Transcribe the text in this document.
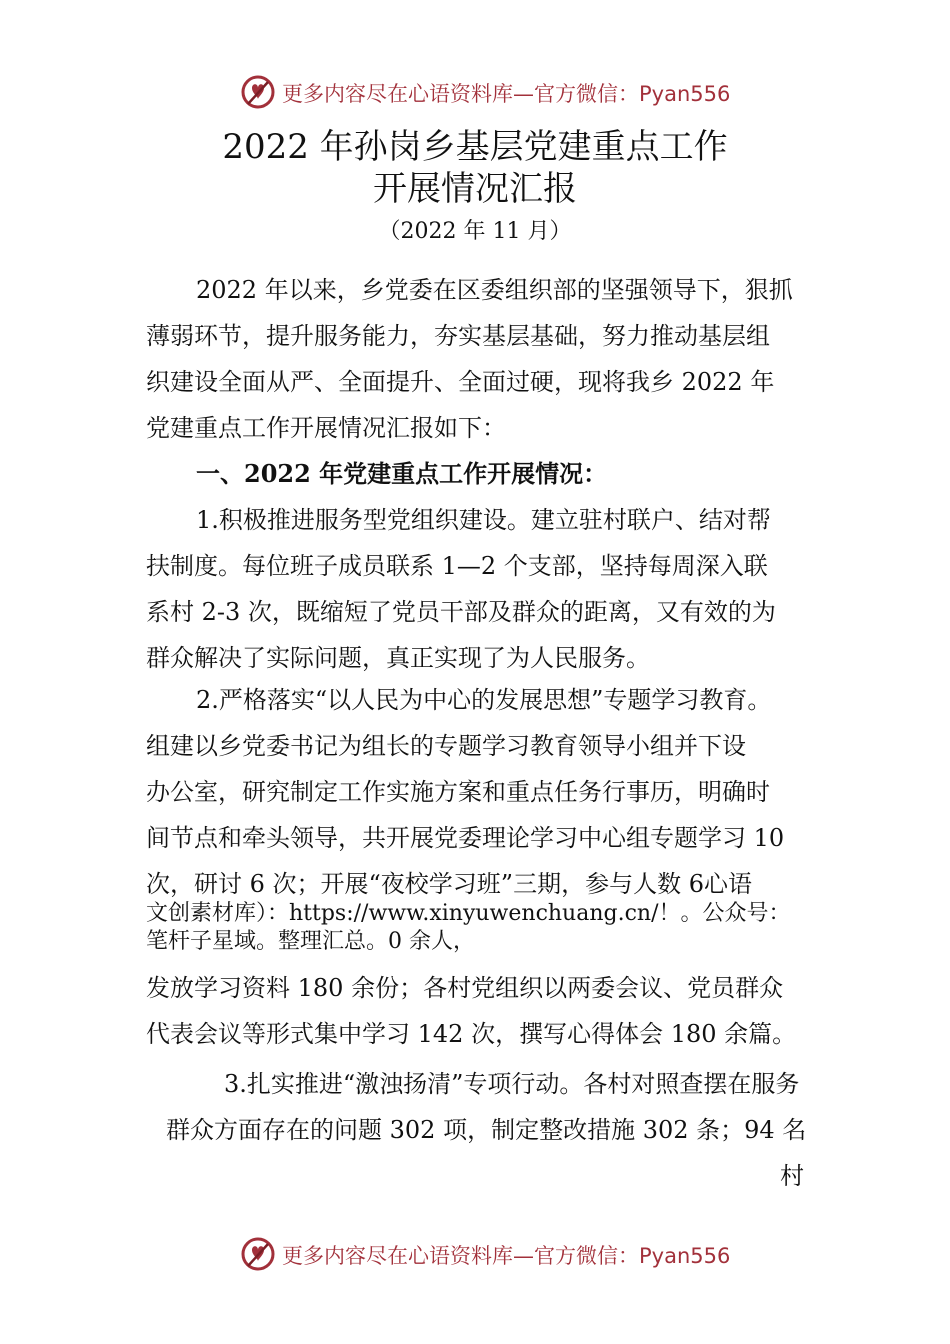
更多内容尽在心语资料库—官方微信：Pyan556
2022 年孙岗乡基层党建重点工作
开展情况汇报
（2022 年 11 月）
2022 年以来，乡党委在区委组织部的坚强领导下，狠抓
薄弱环节，提升服务能力，夯实基层基础，努力推动基层组
织建设全面从严、全面提升、全面过硬，现将我乡 2022 年
党建重点工作开展情况汇报如下：
一、2022 年党建重点工作开展情况：
1.积极推进服务型党组织建设。建立驻村联户、结对帮
扶制度。每位班子成员联系 1—2 个支部，坚持每周深入联
系村 2-3 次，既缩短了党员干部及群众的距离，又有效的为
群众解决了实际问题，真正实现了为人民服务。
2.严格落实“以人民为中心的发展思想”专题学习教育。
组建以乡党委书记为组长的专题学习教育领导小组并下设
办公室，研究制定工作实施方案和重点任务行事历，明确时
间节点和牵头领导，共开展党委理论学习中心组专题学习 10
次，研讨 6 次；开展“夜校学习班”三期，参与人数 6心语
文创素材库）：https://www.xinyuwenchuang.cn/！。公众号：
笔杆子星域。整理汇总。0 余人，
发放学习资料 180 余份；各村党组织以两委会议、党员群众
代表会议等形式集中学习 142 次，撰写心得体会 180 余篇。
3.扎实推进“激浊扬清”专项行动。各村对照查摆在服务
群众方面存在的问题 302 项，制定整改措施 302 条；94 名
村
更多内容尽在心语资料库—官方微信：Pyan556
